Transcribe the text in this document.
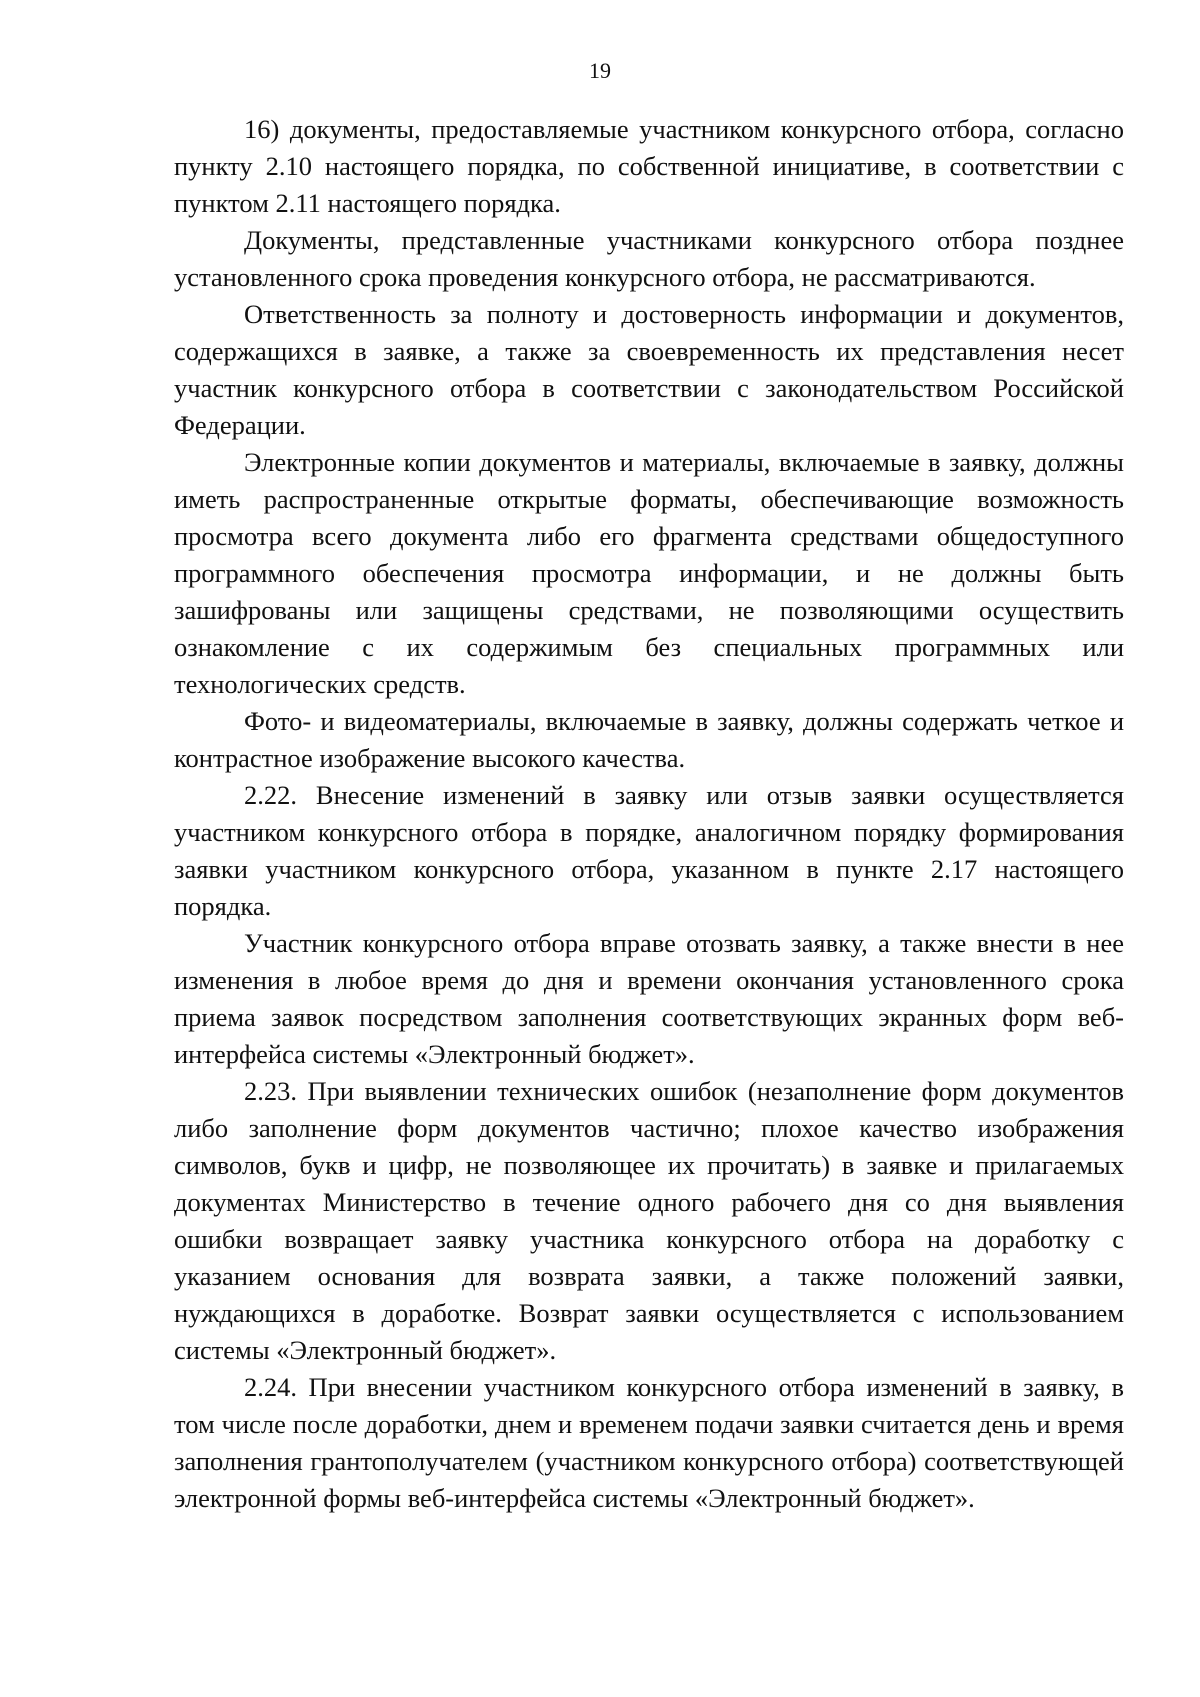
19

16) документы, предоставляемые участником конкурсного отбора, согласно пункту 2.10 настоящего порядка, по собственной инициативе, в соответствии с пунктом 2.11 настоящего порядка.

Документы, представленные участниками конкурсного отбора позднее установленного срока проведения конкурсного отбора, не рассматриваются.

Ответственность за полноту и достоверность информации и документов, содержащихся в заявке, а также за своевременность их представления несет участник конкурсного отбора в соответствии с законодательством Российской Федерации.

Электронные копии документов и материалы, включаемые в заявку, должны иметь распространенные открытые форматы, обеспечивающие возможность просмотра всего документа либо его фрагмента средствами общедоступного программного обеспечения просмотра информации, и не должны быть зашифрованы или защищены средствами, не позволяющими осуществить ознакомление с их содержимым без специальных программных или технологических средств.

Фото- и видеоматериалы, включаемые в заявку, должны содержать четкое и контрастное изображение высокого качества.

2.22. Внесение изменений в заявку или отзыв заявки осуществляется участником конкурсного отбора в порядке, аналогичном порядку формирования заявки участником конкурсного отбора, указанном в пункте 2.17 настоящего порядка.

Участник конкурсного отбора вправе отозвать заявку, а также внести в нее изменения в любое время до дня и времени окончания установленного срока приема заявок посредством заполнения соответствующих экранных форм веб-интерфейса системы «Электронный бюджет».

2.23. При выявлении технических ошибок (незаполнение форм документов либо заполнение форм документов частично; плохое качество изображения символов, букв и цифр, не позволяющее их прочитать) в заявке и прилагаемых документах Министерство в течение одного рабочего дня со дня выявления ошибки возвращает заявку участника конкурсного отбора на доработку с указанием основания для возврата заявки, а также положений заявки, нуждающихся в доработке. Возврат заявки осуществляется с использованием системы «Электронный бюджет».

2.24. При внесении участником конкурсного отбора изменений в заявку, в том числе после доработки, днем и временем подачи заявки считается день и время заполнения грантополучателем (участником конкурсного отбора) соответствующей электронной формы веб-интерфейса системы «Электронный бюджет».
